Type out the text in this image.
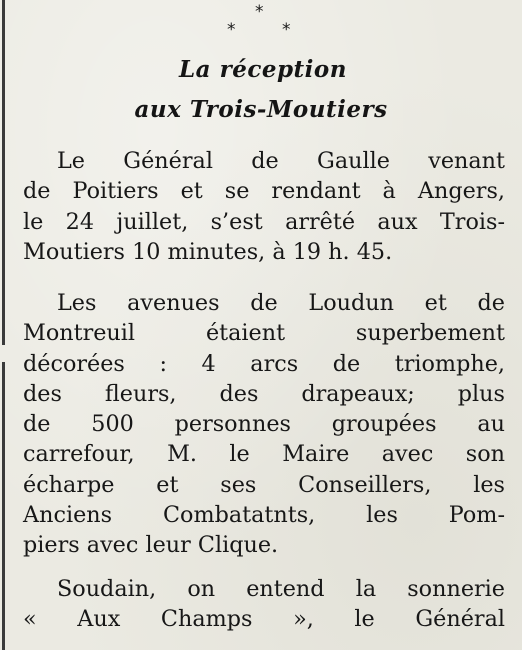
*
*	*
La réception
aux Trois-Moutiers
Le Général de Gaulle venant
de Poitiers et se rendant à Angers,
le 24 juillet, s’est arrêté aux Trois-
Moutiers 10 minutes, à 19 h. 45.
Les avenues de Loudun et de
Montreuil étaient superbement
décorées : 4 arcs de triomphe,
des fleurs, des drapeaux; plus
de 500 personnes groupées au
carrefour, M. le Maire avec son
écharpe et ses Conseillers, les
Anciens Combatatnts, les Pom-
piers avec leur Clique.
Soudain, on entend la sonnerie
« Aux Champs », le Général
